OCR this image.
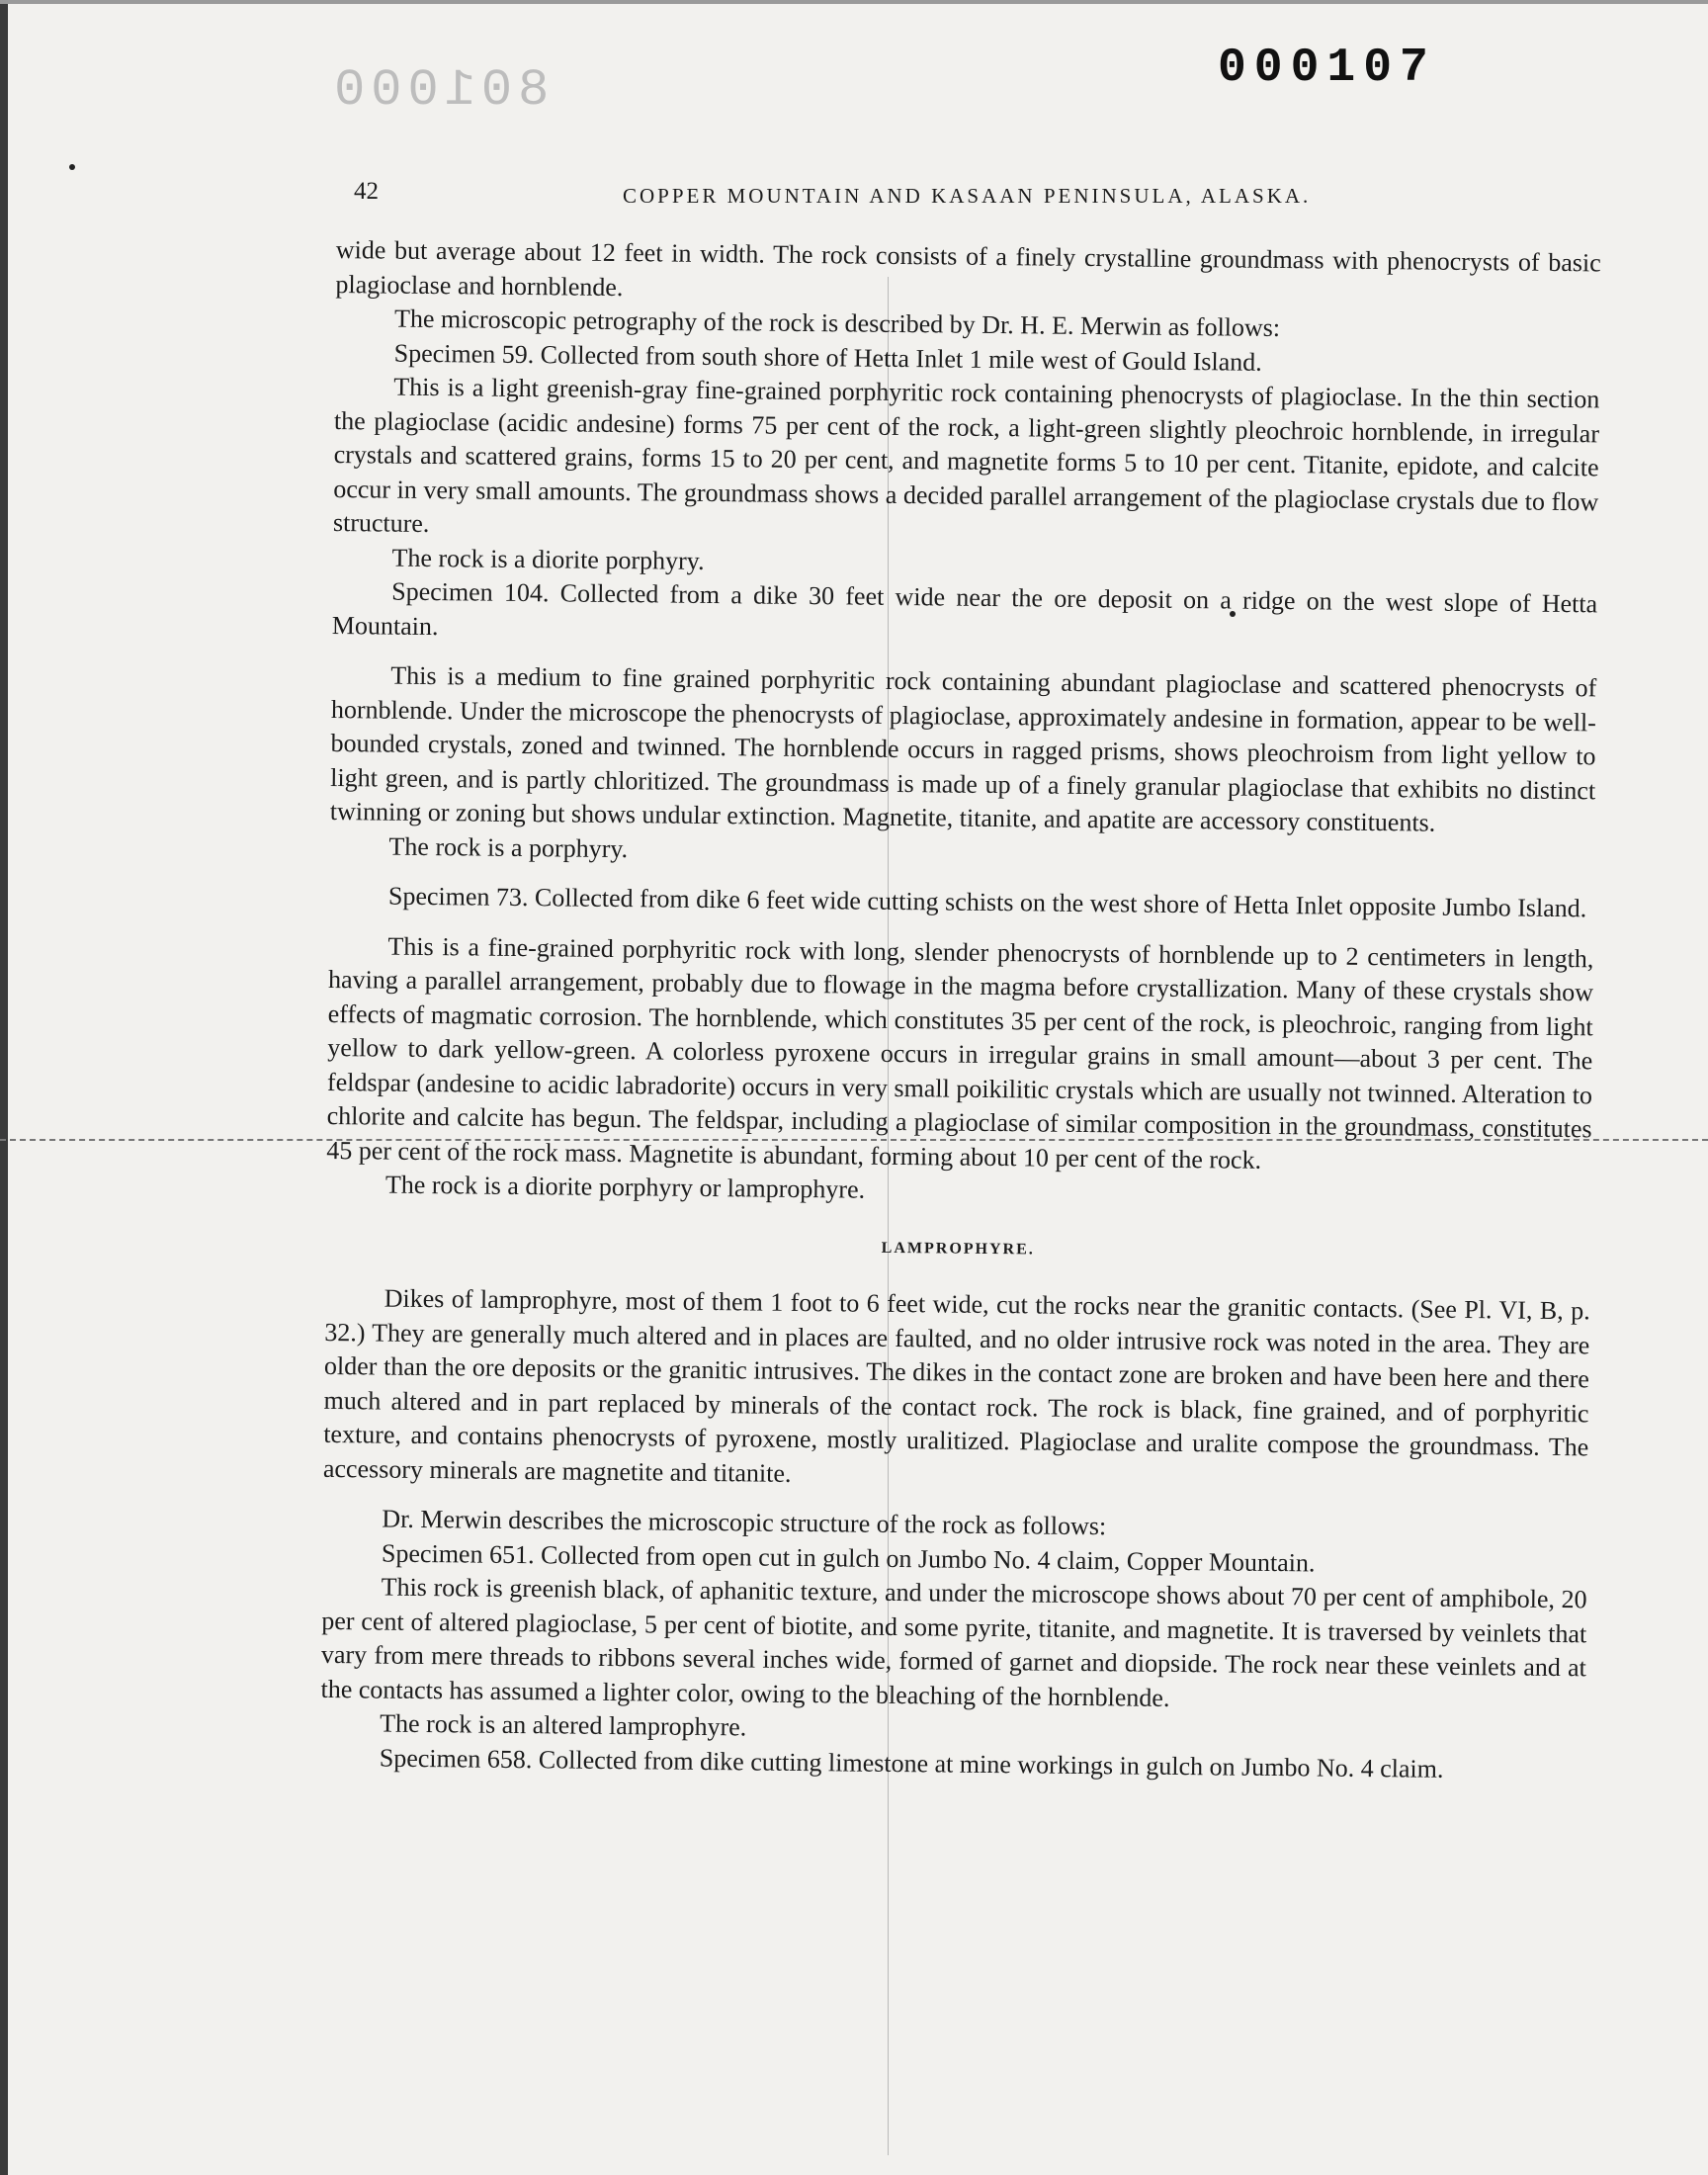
801000	000107
42	COPPER MOUNTAIN AND KASAAN PENINSULA, ALASKA.

wide but average about 12 feet in width. The rock consists of a finely crystalline groundmass with phenocrysts of basic plagioclase and hornblende.

The microscopic petrography of the rock is described by Dr. H. E. Merwin as follows:

Specimen 59. Collected from south shore of Hetta Inlet 1 mile west of Gould Island.

This is a light greenish-gray fine-grained porphyritic rock containing phenocrysts of plagioclase. In the thin section the plagioclase (acidic andesine) forms 75 per cent of the rock, a light-green slightly pleochroic hornblende, in irregular crystals and scattered grains, forms 15 to 20 per cent, and magnetite forms 5 to 10 per cent. Titanite, epidote, and calcite occur in very small amounts. The groundmass shows a decided parallel arrangement of the plagioclase crystals due to flow structure.

The rock is a diorite porphyry.

Specimen 104. Collected from a dike 30 feet wide near the ore deposit on a ridge on the west slope of Hetta Mountain.

This is a medium to fine grained porphyritic rock containing abundant plagioclase and scattered phenocrysts of hornblende. Under the microscope the phenocrysts of plagioclase, approximately andesine in formation, appear to be well-bounded crystals, zoned and twinned. The hornblende occurs in ragged prisms, shows pleochroism from light yellow to light green, and is partly chloritized. The groundmass is made up of a finely granular plagioclase that exhibits no distinct twinning or zoning but shows undular extinction. Magnetite, titanite, and apatite are accessory constituents.

The rock is a porphyry.

Specimen 73. Collected from dike 6 feet wide cutting schists on the west shore of Hetta Inlet opposite Jumbo Island.

This is a fine-grained porphyritic rock with long, slender phenocrysts of hornblende up to 2 centimeters in length, having a parallel arrangement, probably due to flowage in the magma before crystallization. Many of these crystals show effects of magmatic corrosion. The hornblende, which constitutes 35 per cent of the rock, is pleochroic, ranging from light yellow to dark yellow-green. A colorless pyroxene occurs in irregular grains in small amount—about 3 per cent. The feldspar (andesine to acidic labradorite) occurs in very small poikilitic crystals which are usually not twinned. Alteration to chlorite and calcite has begun. The feldspar, including a plagioclase of similar composition in the groundmass, constitutes 45 per cent of the rock mass. Magnetite is abundant, forming about 10 per cent of the rock.

The rock is a diorite porphyry or lamprophyre.

LAMPROPHYRE.

Dikes of lamprophyre, most of them 1 foot to 6 feet wide, cut the rocks near the granitic contacts. (See Pl. VI, B, p. 32.) They are generally much altered and in places are faulted, and no older intrusive rock was noted in the area. They are older than the ore deposits or the granitic intrusives. The dikes in the contact zone are broken and have been here and there much altered and in part replaced by minerals of the contact rock. The rock is black, fine grained, and of porphyritic texture, and contains phenocrysts of pyroxene, mostly uralitized. Plagioclase and uralite compose the groundmass. The accessory minerals are magnetite and titanite.

Dr. Merwin describes the microscopic structure of the rock as follows:

Specimen 651. Collected from open cut in gulch on Jumbo No. 4 claim, Copper Mountain.

This rock is greenish black, of aphanitic texture, and under the microscope shows about 70 per cent of amphibole, 20 per cent of altered plagioclase, 5 per cent of biotite, and some pyrite, titanite, and magnetite. It is traversed by veinlets that vary from mere threads to ribbons several inches wide, formed of garnet and diopside. The rock near these veinlets and at the contacts has assumed a lighter color, owing to the bleaching of the hornblende.

The rock is an altered lamprophyre.

Specimen 658. Collected from dike cutting limestone at mine workings in gulch on Jumbo No. 4 claim.
